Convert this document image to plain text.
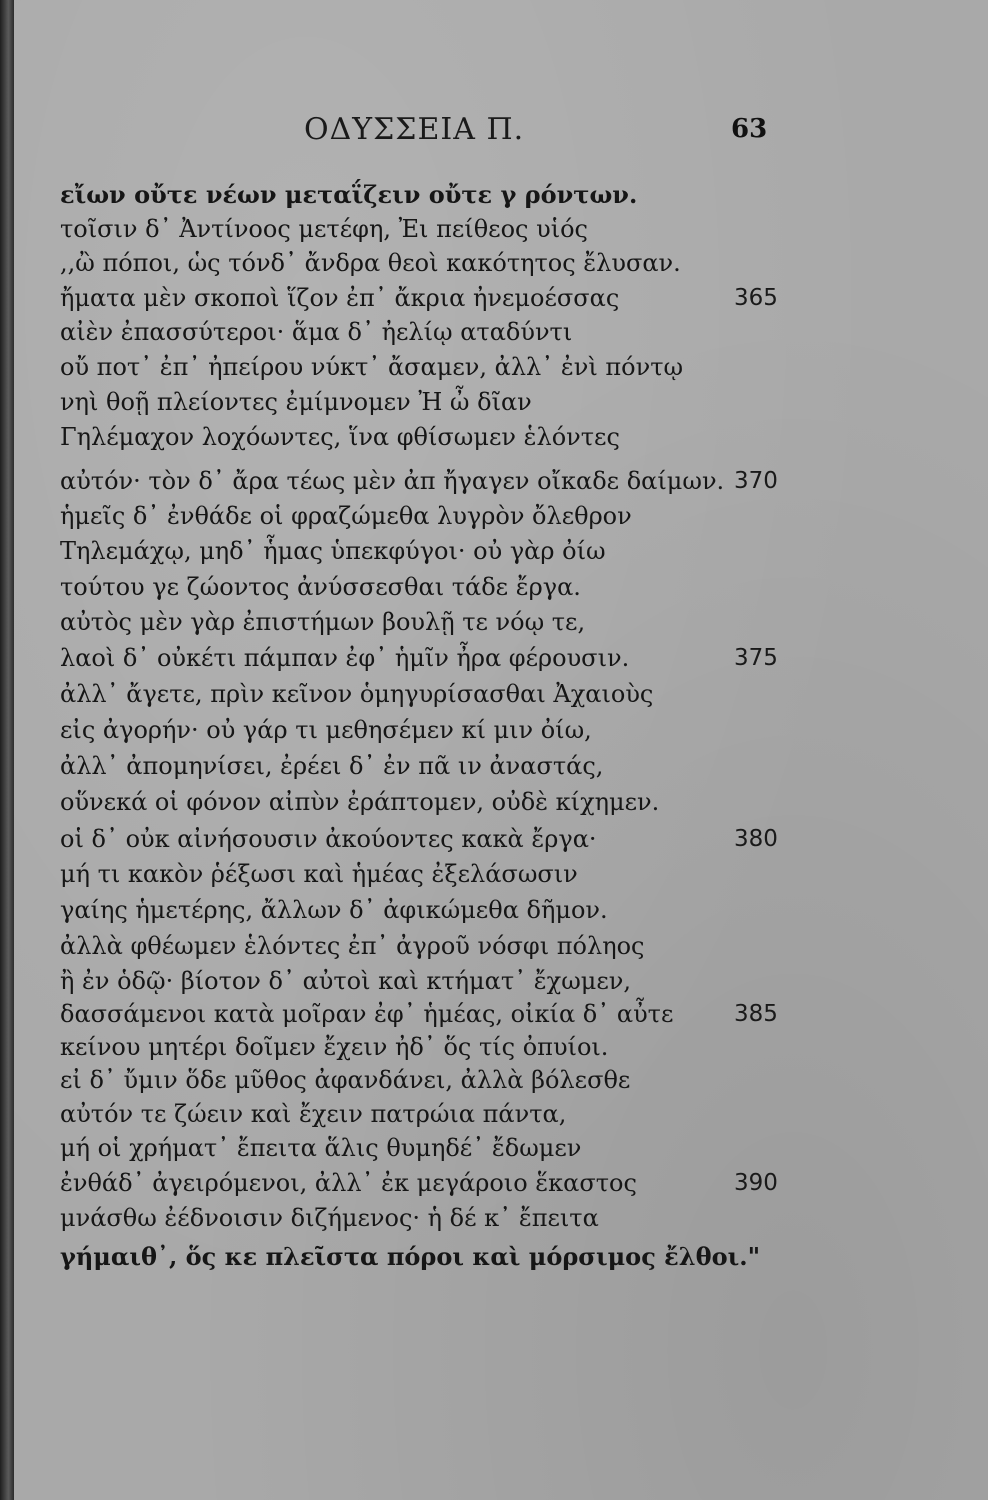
ΟΔΥΣΣΕΙΑ Π.	63
εἴων οὔτε νέων μεταΐζειν οὔτε γ ρόντων.
τοῖσιν δ᾽ Ἀντίνοος μετέφη, Ἐι πείθεος υἱός
,,ὢ πόποι, ὡς τόνδ᾽ ἄνδρα θεοὶ κακότητος ἔλυσαν.
ἤματα μὲν σκοποὶ ἵζον ἐπ᾽ ἄκρια ἠνεμοέσσας	365
αἰὲν ἐπασσύτεροι· ἅμα δ᾽ ἠελίῳ αταδύντι
οὔ ποτ᾽ ἐπ᾽ ἠπείρου νύκτ᾽ ἄσαμεν, ἀλλ᾽ ἐνὶ πόντῳ
νηὶ θοῇ πλείοντες ἐμίμνομεν Ἠ ὦ δῖαν
Γηλέμαχον λοχόωντες, ἵνα φθίσωμεν ἑλόντες
αὐτόν· τὸν δ᾽ ἄρα τέως μὲν ἀπ ἤγαγεν οἴκαδε δαίμων. 370
ἡμεῖς δ᾽ ἐνθάδε οἱ φραζώμεθα λυγρὸν ὄλεθρον
Τηλεμάχῳ, μηδ᾽ ἧμας ὑπεκφύγοι· οὐ γὰρ ὀίω
τούτου γε ζώοντος ἀνύσσεσθαι τάδε ἔργα.
αὐτὸς μὲν γὰρ ἐπιστήμων βουλῇ τε νόῳ τε,
λαοὶ δ᾽ οὐκέτι πάμπαν ἐφ᾽ ἡμῖν ἦρα φέρουσιν.	375
ἀλλ᾽ ἄγετε, πρὶν κεῖνον ὁμηγυρίσασθαι Ἀχαιοὺς
εἰς ἀγορήν· οὐ γάρ τι μεθησέμεν κί μιν ὀίω,
ἀλλ᾽ ἀπομηνίσει, ἐρέει δ᾽ ἐν πᾶ ιν ἀναστάς,
οὕνεκά οἱ φόνον αἰπὺν ἐράπτομεν, οὐδὲ κίχημεν.
οἱ δ᾽ οὐκ αἰνήσουσιν ἀκούοντες κακὰ ἔργα·	380
μή τι κακὸν ῥέξωσι καὶ ἡμέας ἐξελάσωσιν
γαίης ἡμετέρης, ἄλλων δ᾽ ἀφικώμεθα δῆμον.
ἀλλὰ φθέωμεν ἑλόντες ἐπ᾽ ἀγροῦ νόσφι πόληος
ἢ ἐν ὁδῷ· βίοτον δ᾽ αὐτοὶ καὶ κτήματ᾽ ἔχωμεν,
δασσάμενοι κατὰ μοῖραν ἐφ᾽ ἡμέας, οἰκία δ᾽ αὖτε	385
κείνου μητέρι δοῖμεν ἔχειν ἠδ᾽ ὅς τίς ὀπυίοι.
εἰ δ᾽ ὔμιν ὅδε μῦθος ἀφανδάνει, ἀλλὰ βόλεσθε
αὐτόν τε ζώειν καὶ ἔχειν πατρώια πάντα,
μή οἱ χρήματ᾽ ἔπειτα ἅλις θυμηδέ᾽ ἔδωμεν
ἐνθάδ᾽ ἀγειρόμενοι, ἀλλ᾽ ἐκ μεγάροιο ἕκαστος	390
μνάσθω ἐέδνοισιν διζήμενος· ἡ δέ κ᾽ ἔπειτα
γήμαιθ᾽, ὅς κε πλεῖστα πόροι καὶ μόρσιμος ἔλθοι."
